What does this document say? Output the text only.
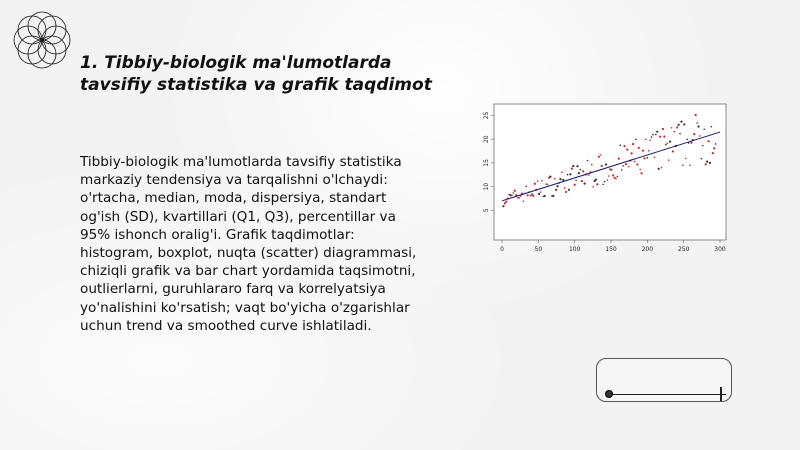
1. Tibbiy-biologik ma'lumotlarda
tavsifiy statistika va grafik taqdimot

Tibbiy-biologik ma'lumotlarda tavsifiy statistika markaziy tendensiya va tarqalishni o'lchaydi: o'rtacha, median, moda, dispersiya, standart og'ish (SD), kvartillari (Q1, Q3), percentillar va 95% ishonch oralig'i. Grafik taqdimotlar: histogram, boxplot, nuqta (scatter) diagrammasi, chiziqli grafik va bar chart yordamida taqsimotni, outlierlarni, guruhlararo farq va korrelyatsiya yo'nalishini ko'rsatish; vaqt bo'yicha o'zgarishlar uchun trend va smoothed curve ishlatiladi.

5
10
15
20
25
0	50	100	150	200	250	300
